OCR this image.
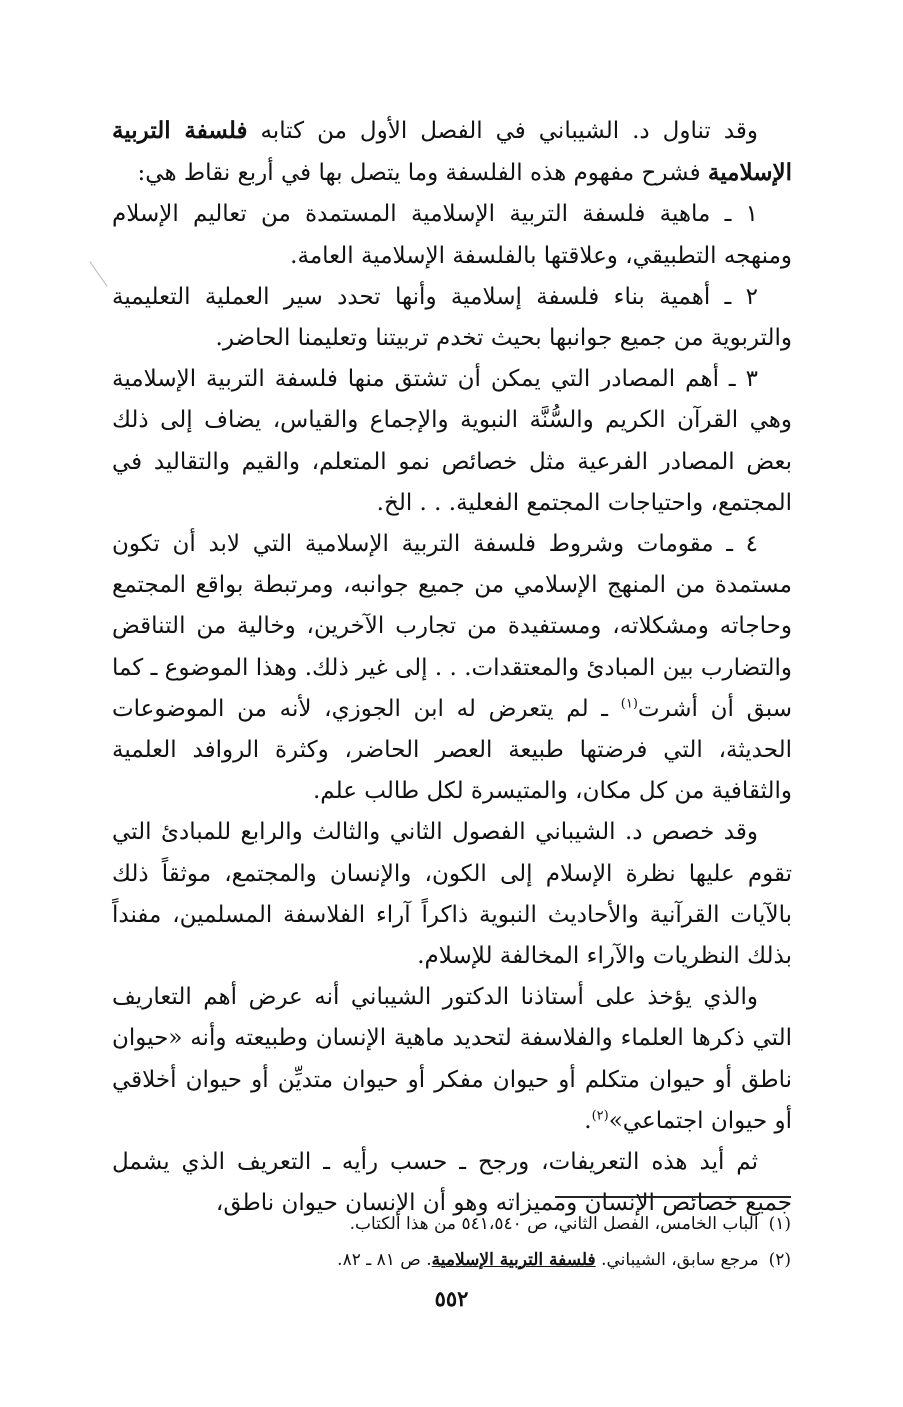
وقد تناول د. الشيباني في الفصل الأول من كتابه فلسفة التربية الإسلامية فشرح مفهوم هذه الفلسفة وما يتصل بها في أربع نقاط هي:

١ ـ ماهية فلسفة التربية الإسلامية المستمدة من تعاليم الإسلام ومنهجه التطبيقي، وعلاقتها بالفلسفة الإسلامية العامة.

٢ ـ أهمية بناء فلسفة إسلامية وأنها تحدد سير العملية التعليمية والتربوية من جميع جوانبها بحيث تخدم تربيتنا وتعليمنا الحاضر.

٣ ـ أهم المصادر التي يمكن أن تشتق منها فلسفة التربية الإسلامية وهي القرآن الكريم والسُّنَّة النبوية والإجماع والقياس، يضاف إلى ذلك بعض المصادر الفرعية مثل خصائص نمو المتعلم، والقيم والتقاليد في المجتمع، واحتياجات المجتمع الفعلية. . . الخ.

٤ ـ مقومات وشروط فلسفة التربية الإسلامية التي لابد أن تكون مستمدة من المنهج الإسلامي من جميع جوانبه، ومرتبطة بواقع المجتمع وحاجاته ومشكلاته، ومستفيدة من تجارب الآخرين، وخالية من التناقض والتضارب بين المبادئ والمعتقدات. . . إلى غير ذلك. وهذا الموضوع ـ كما سبق أن أشرت$^{(١)}$ ـ لم يتعرض له ابن الجوزي، لأنه من الموضوعات الحديثة، التي فرضتها طبيعة العصر الحاضر، وكثرة الروافد العلمية والثقافية من كل مكان، والمتيسرة لكل طالب علم.

وقد خصص د. الشيباني الفصول الثاني والثالث والرابع للمبادئ التي تقوم عليها نظرة الإسلام إلى الكون، والإنسان والمجتمع، موثقاً ذلك بالآيات القرآنية والأحاديث النبوية ذاكراً آراء الفلاسفة المسلمين، مفنداً بذلك النظريات والآراء المخالفة للإسلام.

والذي يؤخذ على أستاذنا الدكتور الشيباني أنه عرض أهم التعاريف التي ذكرها العلماء والفلاسفة لتحديد ماهية الإنسان وطبيعته وأنه «حيوان ناطق أو حيوان متكلم أو حيوان مفكر أو حيوان متديِّن أو حيوان أخلاقي أو حيوان اجتماعي»$^{(٢)}$.

ثم أيد هذه التعريفات، ورجح ـ حسب رأيه ـ التعريف الذي يشمل جميع خصائص الإنسان ومميزاته وهو أن الإنسان حيوان ناطق،

(١)الباب الخامس، الفصل الثاني، ص ٥٤١،٥٤٠ من هذا الكتاب.

(٢)مرجع سابق، الشيباني. فلسفة التربية الإسلامية. ص ٨١ ـ ٨٢.

٥٥٢
